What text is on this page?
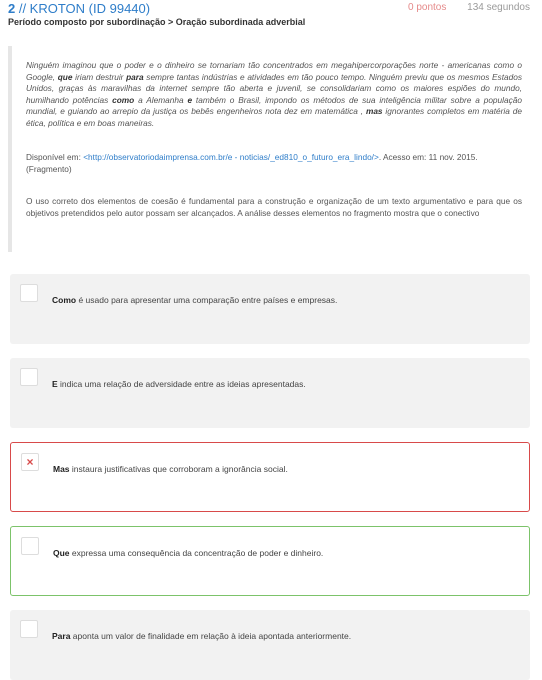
2 // KROTON (ID 99440)	0 pontos 134 segundos
Período composto por subordinação > Oração subordinada adverbial
Ninguém imaginou que o poder e o dinheiro se tornariam tão concentrados em megahipercorporações norte - americanas como o Google, que iriam destruir para sempre tantas indústrias e atividades em tão pouco tempo. Ninguém previu que os mesmos Estados Unidos, graças às maravilhas da internet sempre tão aberta e juvenil, se consolidariam como os maiores espiões do mundo, humilhando potências como a Alemanha e também o Brasil, impondo os métodos de sua inteligência militar sobre a população mundial, e guiando ao arrepio da justiça os bebês engenheiros nota dez em matemática , mas ignorantes completos em matéria de ética, política e em boas maneiras.
Disponível em: <http://observatoriodaimprensa.com.br/e - noticias/_ed810_o_futuro_era_lindo/>. Acesso em: 11 nov. 2015. (Fragmento)
O uso correto dos elementos de coesão é fundamental para a construção e organização de um texto argumentativo e para que os objetivos pretendidos pelo autor possam ser alcançados. A análise desses elementos no fragmento mostra que o conectivo
Como é usado para apresentar uma comparação entre países e empresas.
E indica uma relação de adversidade entre as ideias apresentadas.
×	Mas instaura justificativas que corroboram a ignorância social.
Que expressa uma consequência da concentração de poder e dinheiro.
Para aponta um valor de finalidade em relação à ideia apontada anteriormente.
